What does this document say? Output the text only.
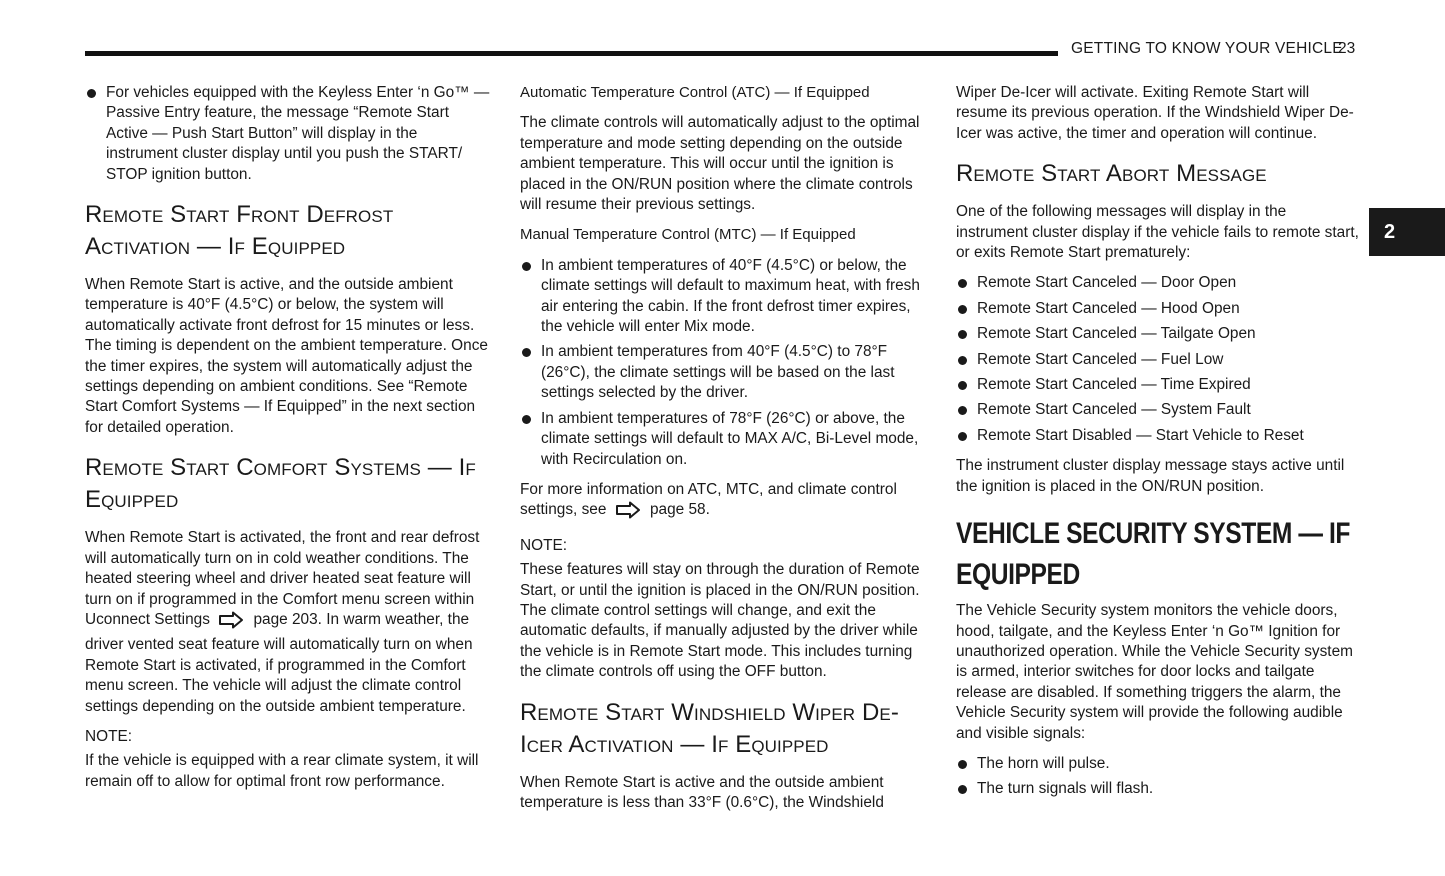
GETTING TO KNOW YOUR VEHICLE
23
2
For vehicles equipped with the Keyless Enter ‘n Go™ — Passive Entry feature, the message “Remote Start Active — Push Start Button” will display in the instrument cluster display until you push the START/ STOP ignition button.
Remote Start Front Defrost Activation — If Equipped

When Remote Start is active, and the outside ambient temperature is 40°F (4.5°C) or below, the system will automatically activate front defrost for 15 minutes or less. The timing is dependent on the ambient temperature. Once the timer expires, the system will automatically adjust the settings depending on ambient conditions. See “Remote Start Comfort Systems — If Equipped” in the next section for detailed operation.

Remote Start Comfort Systems — If Equipped

When Remote Start is activated, the front and rear defrost will automatically turn on in cold weather conditions. The heated steering wheel and driver heated seat feature will turn on if programmed in the Comfort menu screen within Uconnect Settings	page 203. In warm weather, the driver vented seat feature will automatically turn on when Remote Start is activated, if programmed in the Comfort menu screen. The vehicle will adjust the climate control settings depending on the outside ambient temperature.

NOTE:

If the vehicle is equipped with a rear climate system, it will remain off to allow for optimal front row performance.

Automatic Temperature Control (ATC) — If Equipped

The climate controls will automatically adjust to the optimal temperature and mode setting depending on the outside ambient temperature. This will occur until the ignition is placed in the ON/RUN position where the climate controls will resume their previous settings.

Manual Temperature Control (MTC) — If Equipped
In ambient temperatures of 40°F (4.5°C) or below, the climate settings will default to maximum heat, with fresh air entering the cabin. If the front defrost timer expires, the vehicle will enter Mix mode.
In ambient temperatures from 40°F (4.5°C) to 78°F (26°C), the climate settings will be based on the last settings selected by the driver.
In ambient temperatures of 78°F (26°C) or above, the climate settings will default to MAX A/C, Bi-Level mode, with Recirculation on.

For more information on ATC, MTC, and climate control settings, see	page 58.

NOTE:

These features will stay on through the duration of Remote Start, or until the ignition is placed in the ON/RUN position. The climate control settings will change, and exit the automatic defaults, if manually adjusted by the driver while the vehicle is in Remote Start mode. This includes turning the climate controls off using the OFF button.

Remote Start Windshield Wiper De-Icer Activation — If Equipped

When Remote Start is active and the outside ambient temperature is less than 33°F (0.6°C), the Windshield

Wiper De-Icer will activate. Exiting Remote Start will resume its previous operation. If the Windshield Wiper De-Icer was active, the timer and operation will continue.

Remote Start Abort Message

One of the following messages will display in the instrument cluster display if the vehicle fails to remote start, or exits Remote Start prematurely:

Remote Start Canceled — Door Open
Remote Start Canceled — Hood Open
Remote Start Canceled — Tailgate Open
Remote Start Canceled — Fuel Low
Remote Start Canceled — Time Expired
Remote Start Canceled — System Fault
Remote Start Disabled — Start Vehicle to Reset

The instrument cluster display message stays active until the ignition is placed in the ON/RUN position.

VEHICLE SECURITY SYSTEM — IF EQUIPPED

The Vehicle Security system monitors the vehicle doors, hood, tailgate, and the Keyless Enter ‘n Go™ Ignition for unauthorized operation. While the Vehicle Security system is armed, interior switches for door locks and tailgate release are disabled. If something triggers the alarm, the Vehicle Security system will provide the following audible and visible signals:

The horn will pulse.
The turn signals will flash.
